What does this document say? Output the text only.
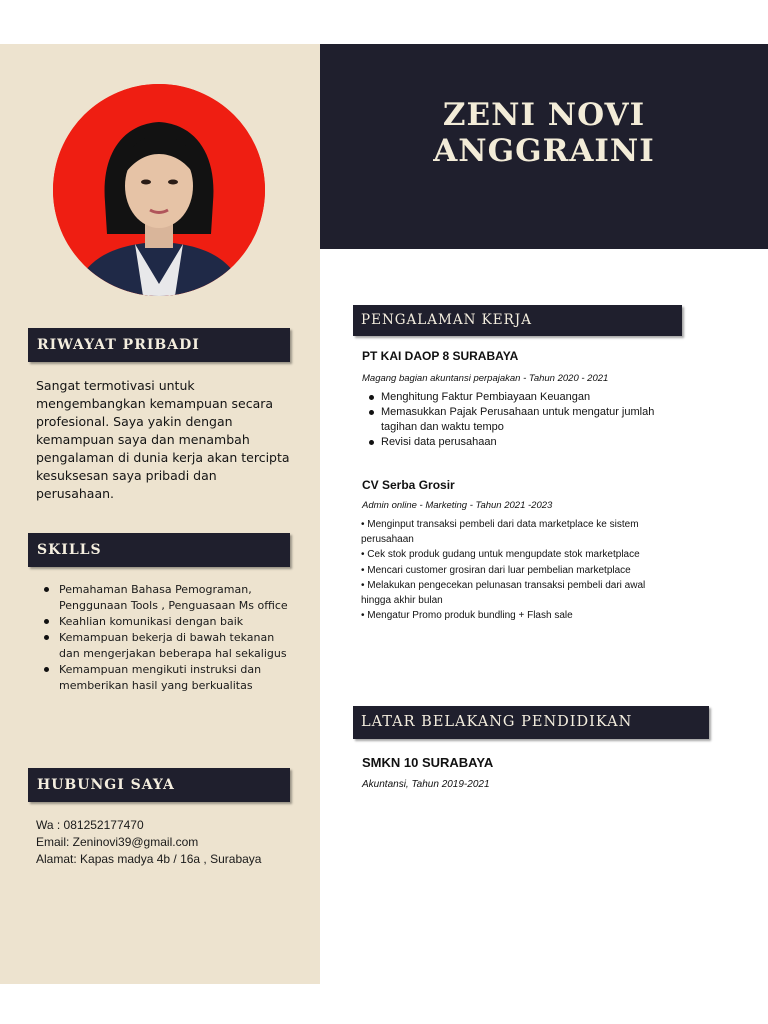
RIWAYAT PRIBADI
Sangat termotivasi untuk mengembangkan kemampuan secara profesional. Saya yakin dengan kemampuan saya dan menambah pengalaman di dunia kerja akan tercipta kesuksesan saya pribadi dan perusahaan.
SKILLS
Pemahaman Bahasa Pemograman, Penggunaan Tools , Penguasaan Ms office
Keahlian komunikasi dengan baik
Kemampuan bekerja di bawah tekanan dan mengerjakan beberapa hal sekaligus
Kemampuan mengikuti instruksi dan memberikan hasil yang berkualitas
HUBUNGI SAYA
Wa : 081252177470
Email: Zeninovi39@gmail.com
Alamat: Kapas madya 4b / 16a , Surabaya
ZENI NOVI
ANGGRAINI
PENGALAMAN KERJA
PT KAI DAOP 8 SURABAYA
Magang bagian akuntansi perpajakan - Tahun 2020 - 2021
Menghitung Faktur Pembiayaan Keuangan
Memasukkan Pajak Perusahaan untuk mengatur jumlah tagihan dan waktu tempo
Revisi data perusahaan
CV Serba Grosir
Admin online - Marketing - Tahun 2021 -2023
• Menginput transaksi pembeli dari data marketplace ke sistem perusahaan
• Cek stok produk gudang untuk mengupdate stok marketplace
• Mencari customer grosiran dari luar pembelian marketplace
• Melakukan pengecekan pelunasan transaksi pembeli dari awal hingga akhir bulan
• Mengatur Promo produk bundling + Flash sale
LATAR BELAKANG PENDIDIKAN
SMKN 10 SURABAYA
Akuntansi, Tahun 2019-2021
